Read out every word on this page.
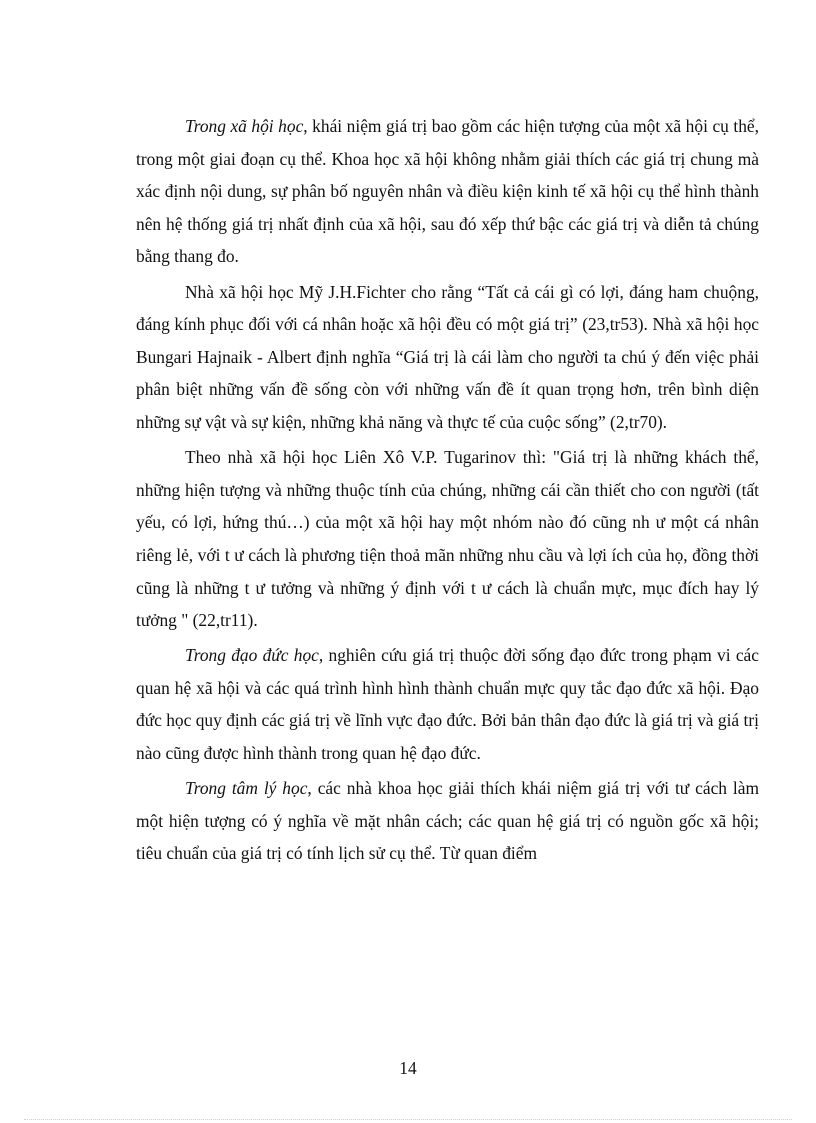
Trong xã hội học, khái niệm giá trị bao gồm các hiện tượng của một xã hội cụ thể, trong một giai đoạn cụ thể. Khoa học xã hội không nhằm giải thích các giá trị chung mà xác định nội dung, sự phân bố nguyên nhân và điều kiện kinh tế xã hội cụ thể hình thành nên hệ thống giá trị nhất định của xã hội, sau đó xếp thứ bậc các giá trị và diễn tả chúng bằng thang đo.

Nhà xã hội học Mỹ J.H.Fichter cho rằng “Tất cả cái gì có lợi, đáng ham chuộng, đáng kính phục đối với cá nhân hoặc xã hội đều có một giá trị” (23,tr53). Nhà xã hội học Bungari Hajnaik - Albert định nghĩa “Giá trị là cái làm cho người ta chú ý đến việc phải phân biệt những vấn đề sống còn với những vấn đề ít quan trọng hơn, trên bình diện những sự vật và sự kiện, những khả năng và thực tế của cuộc sống” (2,tr70).

Theo nhà xã hội học Liên Xô V.P. Tugarinov thì: "Giá trị là những khách thể, những hiện tượng và những thuộc tính của chúng, những cái cần thiết cho con người (tất yếu, có lợi, hứng thú…) của một xã hội hay một nhóm nào đó cũng nh ư một cá nhân riêng lẻ, với t ư cách là phương tiện thoả mãn những nhu cầu và lợi ích của họ, đồng thời cũng là những t ư tưởng và những ý định với t ư cách là chuẩn mực, mục đích hay lý tưởng " (22,tr11).

Trong đạo đức học, nghiên cứu giá trị thuộc đời sống đạo đức trong phạm vi các quan hệ xã hội và các quá trình hình hình thành chuẩn mực quy tắc đạo đức xã hội. Đạo đức học quy định các giá trị về lĩnh vực đạo đức. Bởi bản thân đạo đức là giá trị và giá trị nào cũng được hình thành trong quan hệ đạo đức.

Trong tâm lý học, các nhà khoa học giải thích khái niệm giá trị với tư cách làm một hiện tượng có ý nghĩa về mặt nhân cách; các quan hệ giá trị có nguồn gốc xã hội; tiêu chuẩn của giá trị có tính lịch sử cụ thể. Từ quan điểm

14
